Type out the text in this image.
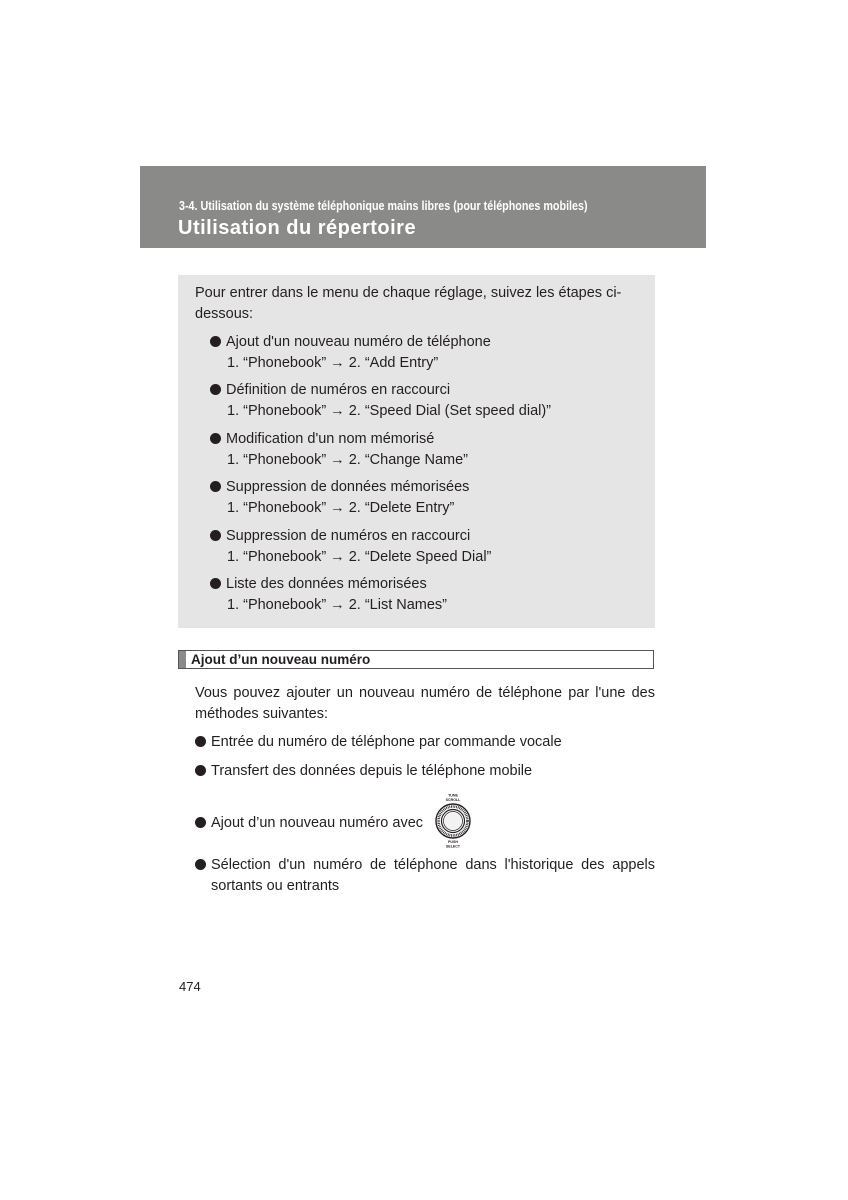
3-4. Utilisation du système téléphonique mains libres (pour téléphones mobiles)
Utilisation du répertoire
Pour entrer dans le menu de chaque réglage, suivez les étapes ci-dessous:
Ajout d'un nouveau numéro de téléphone
1. “Phonebook” → 2. “Add Entry”
Définition de numéros en raccourci
1. “Phonebook” → 2. “Speed Dial (Set speed dial)”
Modification d'un nom mémorisé
1. “Phonebook” → 2. “Change Name”
Suppression de données mémorisées
1. “Phonebook” → 2. “Delete Entry”
Suppression de numéros en raccourci
1. “Phonebook” → 2. “Delete Speed Dial”
Liste des données mémorisées
1. “Phonebook” → 2. “List Names”
Ajout d’un nouveau numéro
Vous pouvez ajouter un nouveau numéro de téléphone par l'une des méthodes suivantes:
Entrée du numéro de téléphone par commande vocale
Transfert des données depuis le téléphone mobile
Ajout d’un nouveau numéro avec
TUNE
SCROLL
PUSH
SELECT
Sélection d'un numéro de téléphone dans l'historique des appels sortants ou entrants
474
